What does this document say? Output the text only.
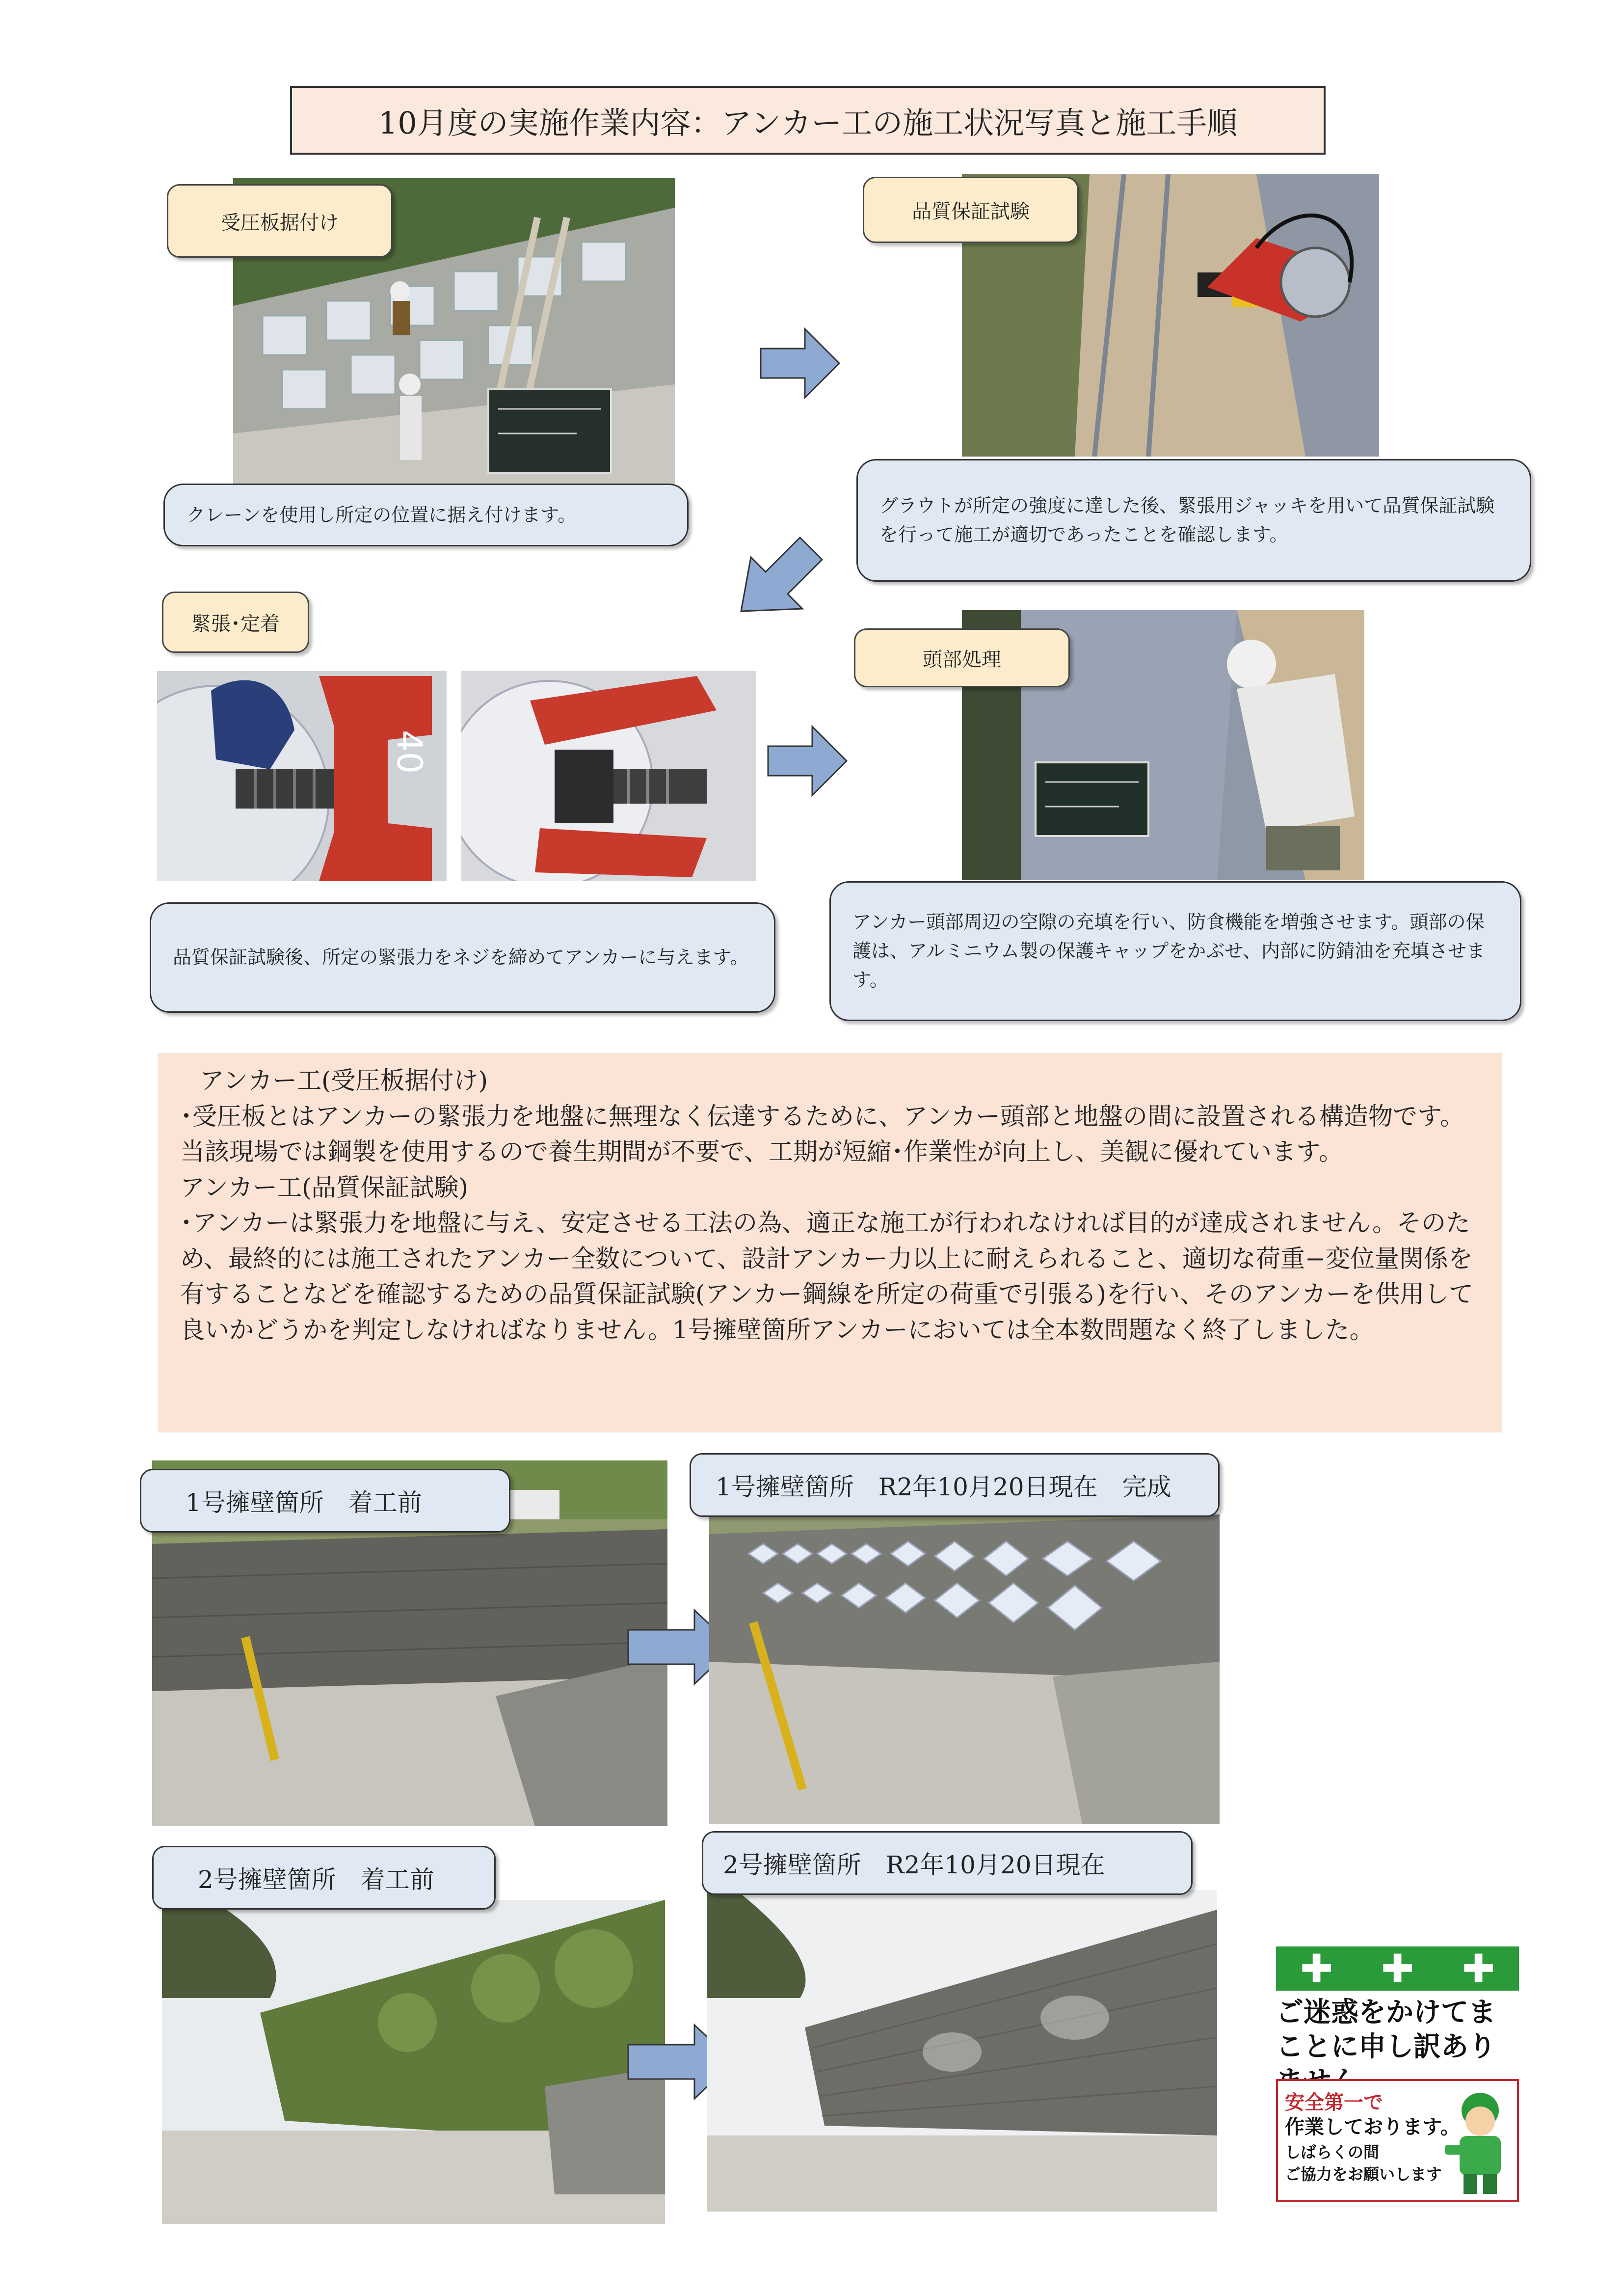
10月度の実施作業内容：アンカー工の施工状況写真と施工手順
受圧板据付け
クレーンを使用し所定の位置に据え付けます。
品質保証試験
グラウトが所定の強度に達した後、緊張用ジャッキを用いて品質保証試験を行って施工が適切であったことを確認します。
40
緊張･定着
品質保証試験後、所定の緊張力をネジを締めてアンカーに与えます。
頭部処理
アンカー頭部周辺の空隙の充填を行い、防食機能を増強させます。頭部の保護は、アルミニウム製の保護キャップをかぶせ、内部に防錆油を充填させます。

アンカー工(受圧板据付け)

･受圧板とはアンカーの緊張力を地盤に無理なく伝達するために、アンカー頭部と地盤の間に設置される構造物です。当該現場では鋼製を使用するので養生期間が不要で、工期が短縮･作業性が向上し、美観に優れています。

アンカー工(品質保証試験)

･アンカーは緊張力を地盤に与え、安定させる工法の為、適正な施工が行われなければ目的が達成されません。そのため、最終的には施工されたアンカー全数について、設計アンカー力以上に耐えられること、適切な荷重−変位量関係を有することなどを確認するための品質保証試験(アンカー鋼線を所定の荷重で引張る)を行い、そのアンカーを供用して良いかどうかを判定しなければなりません。1号擁壁箇所アンカーにおいては全本数問題なく終了しました。

1号擁壁箇所　着工前
1号擁壁箇所　R2年10月20日現在　完成
2号擁壁箇所　着工前
2号擁壁箇所　R2年10月20日現在
✚ ✚ ✚
ご迷惑をかけてまことに申し訳あり
安全第一で
作業しております。
しばらくの間
ご協力をお願いします
